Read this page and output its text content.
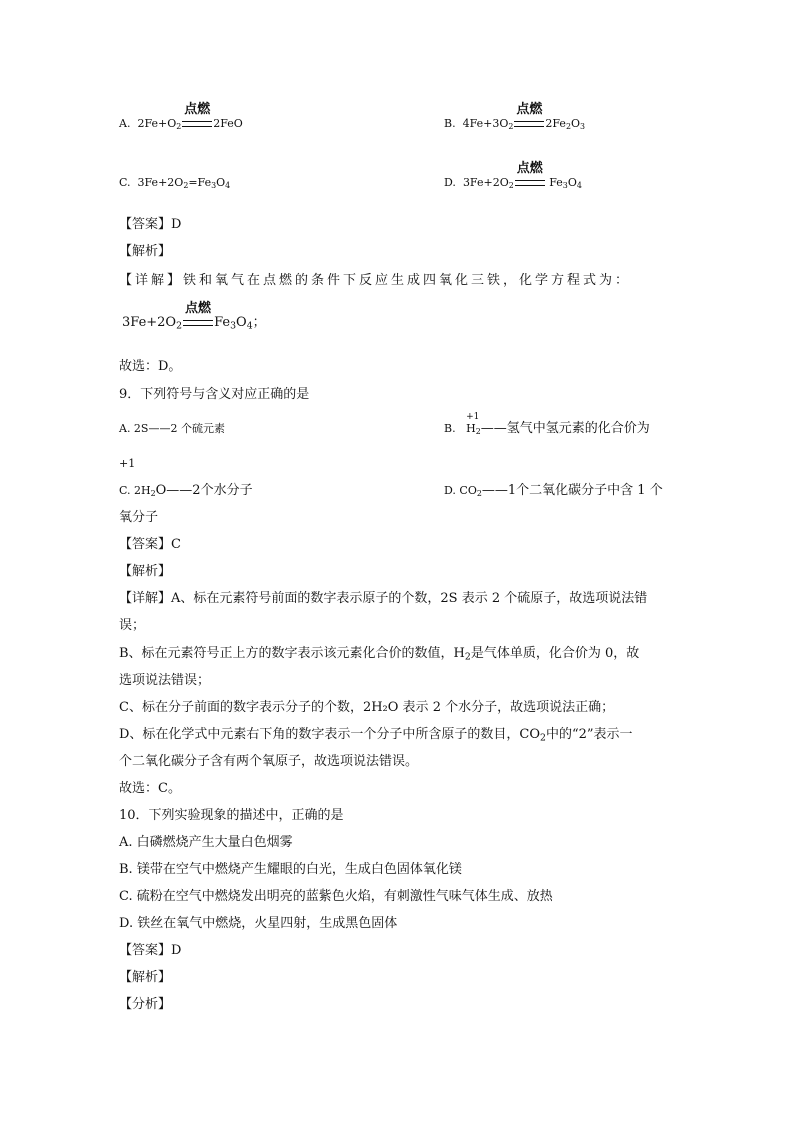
A. $2Fe+O_2$
点燃
2FeO	B. $4Fe+3O_2$
点燃
$2Fe_2O_3$
C. $3Fe+2O_2=Fe_3O_4$	D. $3Fe+2O_2$
点燃
$Fe_3O_4$
【答案】D
【解析】
【详解】铁和氧气在点燃的条件下反应生成四氧化三铁，化学方程式为：
$3Fe+2O_2$
点燃
$Fe_3O_4$；
故选：D。
9．下列符号与含义对应正确的是
A. 2S——2 个硫元素	B.
+1
$H_2——$氢气中氢元素的化合价为
+1
C. $2H_2O——2$个水分子	D. $CO_2——1$个二氧化碳分子中含 1 个
氧分子
【答案】C
【解析】
【详解】A、标在元素符号前面的数字表示原子的个数，2S 表示 2 个硫原子，故选项说法错
误；
B、标在元素符号正上方的数字表示该元素化合价的数值，$H_2$是气体单质，化合价为 0，故
选项说法错误；
C、标在分子前面的数字表示分子的个数，2H₂O 表示 2 个水分子，故选项说法正确；
D、标在化学式中元素右下角的数字表示一个分子中所含原子的数目，$CO_2$中的“2”表示一
个二氧化碳分子含有两个氧原子，故选项说法错误。
故选：C。
10．下列实验现象的描述中，正确的是
A. 白磷燃烧产生大量白色烟雾
B. 镁带在空气中燃烧产生耀眼的白光，生成白色固体氧化镁
C. 硫粉在空气中燃烧发出明亮的蓝紫色火焰，有刺激性气味气体生成、放热
D. 铁丝在氧气中燃烧，火星四射，生成黑色固体
【答案】D
【解析】
【分析】
